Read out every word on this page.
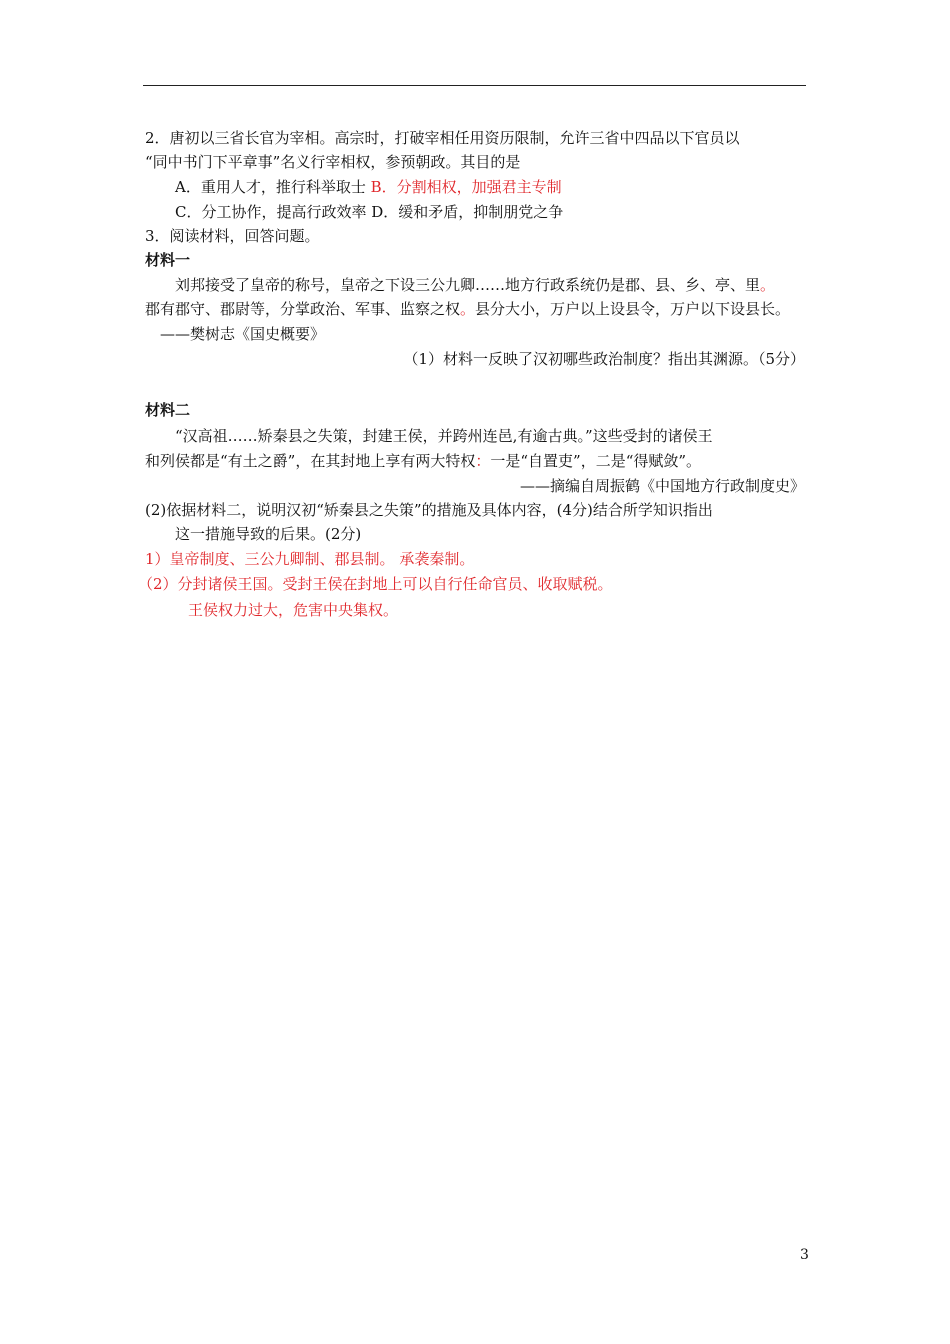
2．唐初以三省长官为宰相。高宗时，打破宰相任用资历限制，允许三省中四品以下官员以
“同中书门下平章事”名义行宰相权，参预朝政。其目的是
A．重用人才，推行科举取士 B．分割相权，加强君主专制
C．分工协作，提高行政效率 D．缓和矛盾，抑制朋党之争
3．阅读材料，回答问题。
材料一
刘邦接受了皇帝的称号，皇帝之下设三公九卿……地方行政系统仍是郡、县、乡、亭、里。
郡有郡守、郡尉等，分掌政治、军事、监察之权。县分大小，万户以上设县令，万户以下设县长。
——樊树志《国史概要》
（1）材料一反映了汉初哪些政治制度？指出其渊源。（5分）
材料二
“汉高祖……矫秦县之失策，封建王侯，并跨州连邑,有逾古典。”这些受封的诸侯王
和列侯都是“有土之爵”，在其封地上享有两大特权：一是“自置吏”，二是“得赋敛”。
——摘编自周振鹤《中国地方行政制度史》
(2)依据材料二，说明汉初“矫秦县之失策”的措施及具体内容，(4分)结合所学知识指出
这一措施导致的后果。(2分)
1）皇帝制度、三公九卿制、郡县制。 承袭秦制。
（2）分封诸侯王国。受封王侯在封地上可以自行任命官员、收取赋税。
王侯权力过大，危害中央集权。
3
